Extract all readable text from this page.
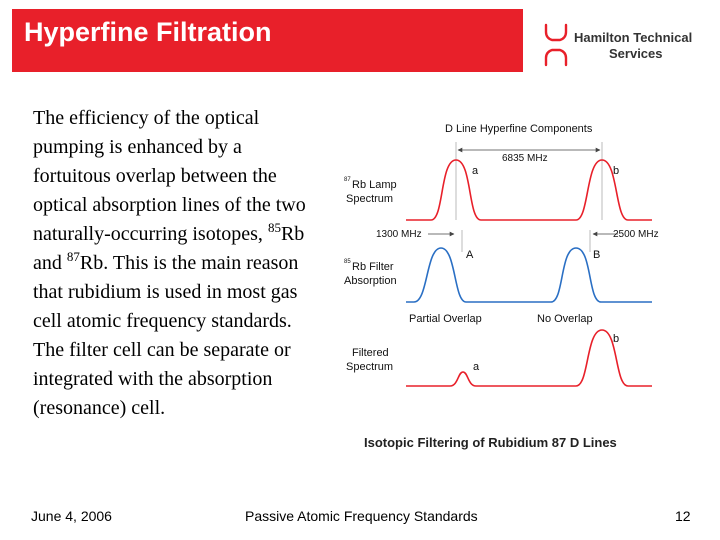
Hyperfine Filtration	Hamilton Technical
Services
The efficiency of the optical pumping is enhanced by a fortuitous overlap between the optical absorption lines of the two naturally-occurring isotopes, $^{85}$Rb and $^{87}$Rb. This is the main reason that rubidium is used in most gas cell atomic frequency standards. The filter cell can be separate or integrated with the absorption (resonance) cell.
D Line Hyperfine Components
6835 MHz
87 Rb Lamp
Spectrum
a	b
1300 MHz	2500 MHz
85 Rb Filter
Absorption
A	B
Partial Overlap	No Overlap
Filtered
Spectrum	a
b
Isotopic Filtering of Rubidium 87 D Lines
June 4, 2006	Passive Atomic Frequency Standards	12
